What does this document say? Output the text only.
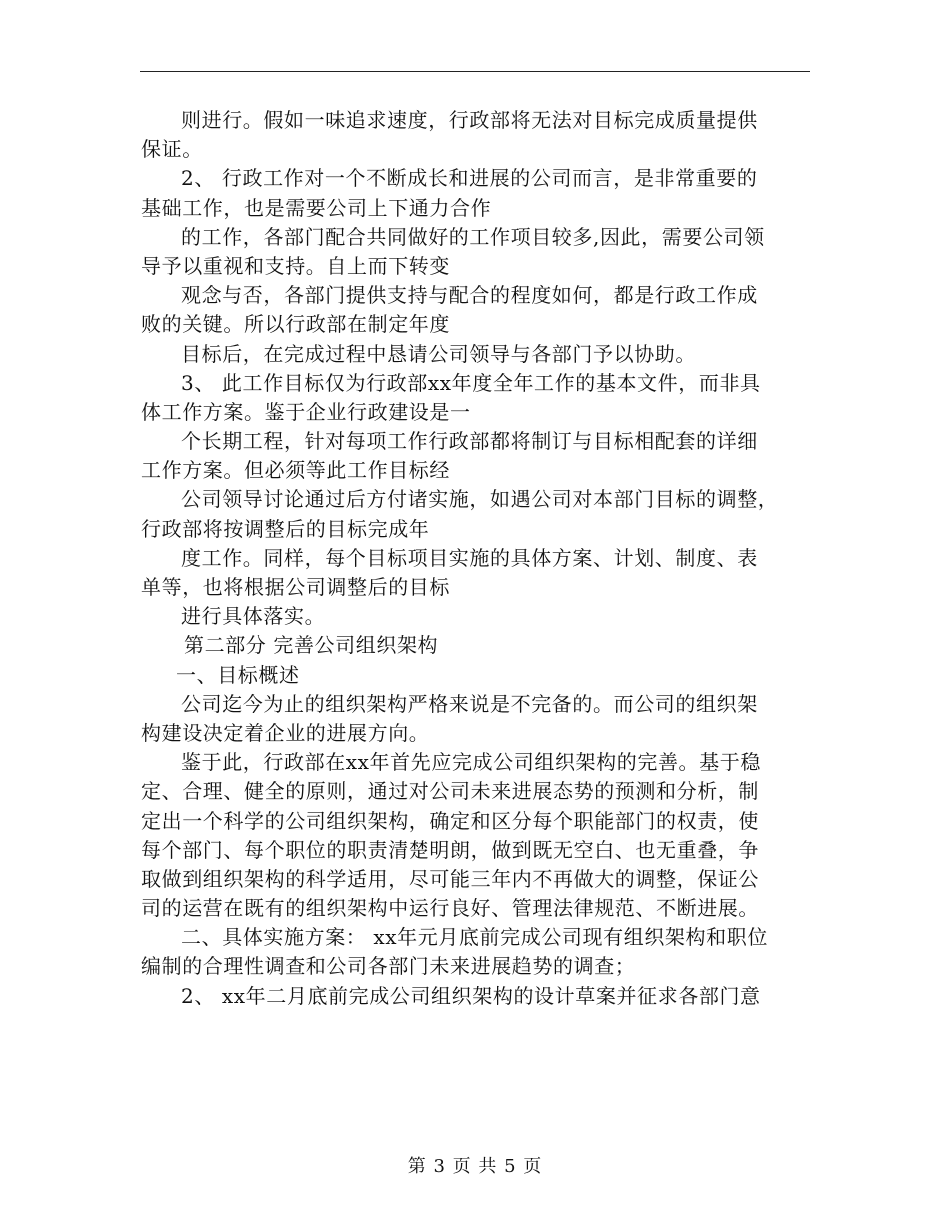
则进行。假如一味追求速度，行政部将无法对目标完成质量提供
保证。
2、 行政工作对一个不断成长和进展的公司而言，是非常重要的
基础工作，也是需要公司上下通力合作
的工作，各部门配合共同做好的工作项目较多,因此，需要公司领
导予以重视和支持。自上而下转变
观念与否，各部门提供支持与配合的程度如何，都是行政工作成
败的关键。所以行政部在制定年度
目标后，在完成过程中恳请公司领导与各部门予以协助。
3、 此工作目标仅为行政部xx年度全年工作的基本文件，而非具
体工作方案。鉴于企业行政建设是一
个长期工程，针对每项工作行政部都将制订与目标相配套的详细
工作方案。但必须等此工作目标经
公司领导讨论通过后方付诸实施，如遇公司对本部门目标的调整，
行政部将按调整后的目标完成年
度工作。同样，每个目标项目实施的具体方案、计划、制度、表
单等，也将根据公司调整后的目标
进行具体落实。
第二部分 完善公司组织架构
一、目标概述
公司迄今为止的组织架构严格来说是不完备的。而公司的组织架
构建设决定着企业的进展方向。
鉴于此，行政部在xx年首先应完成公司组织架构的完善。基于稳
定、合理、健全的原则，通过对公司未来进展态势的预测和分析，制
定出一个科学的公司组织架构，确定和区分每个职能部门的权责，使
每个部门、每个职位的职责清楚明朗，做到既无空白、也无重叠，争
取做到组织架构的科学适用，尽可能三年内不再做大的调整，保证公
司的运营在既有的组织架构中运行良好、管理法律规范、不断进展。
二、具体实施方案： xx年元月底前完成公司现有组织架构和职位
编制的合理性调查和公司各部门未来进展趋势的调查；
2、 xx年二月底前完成公司组织架构的设计草案并征求各部门意
第 3 页 共 5 页
